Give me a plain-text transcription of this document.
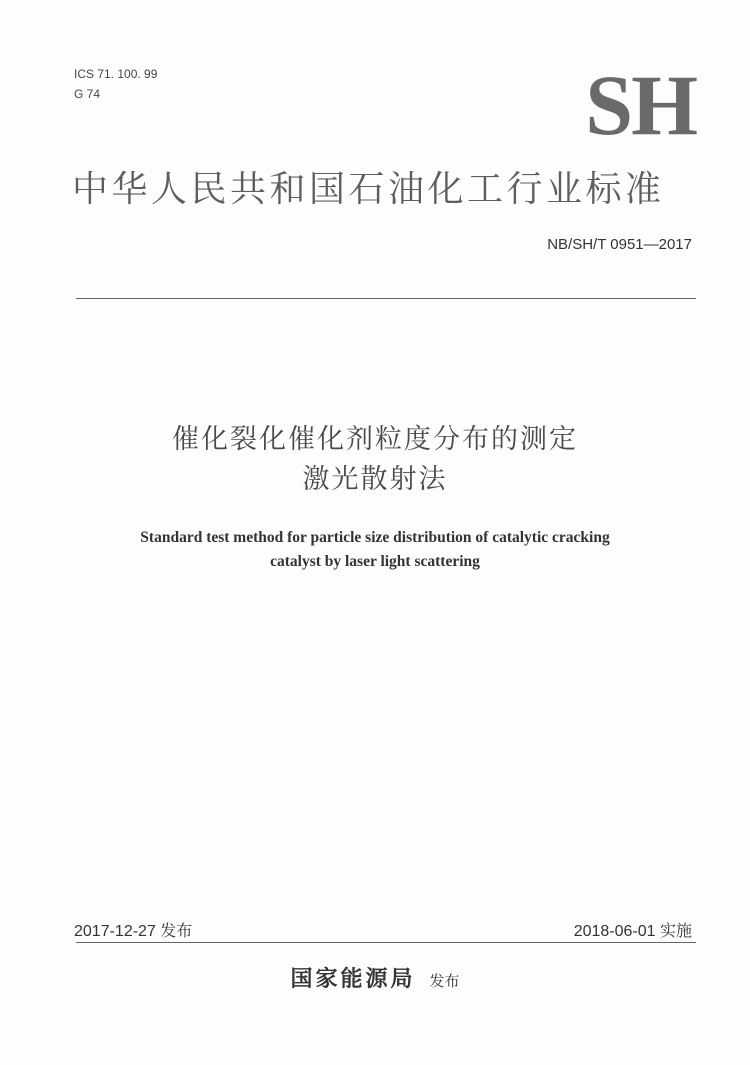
ICS 71. 100. 99
G 74	SH
中华人民共和国石油化工行业标准
NB/SH/T 0951—2017
催化裂化催化剂粒度分布的测定
激光散射法
Standard test method for particle size distribution of catalytic cracking
catalyst by laser light scattering
2017-12-27 发布	2018-06-01 实施
国家能源局 发布
